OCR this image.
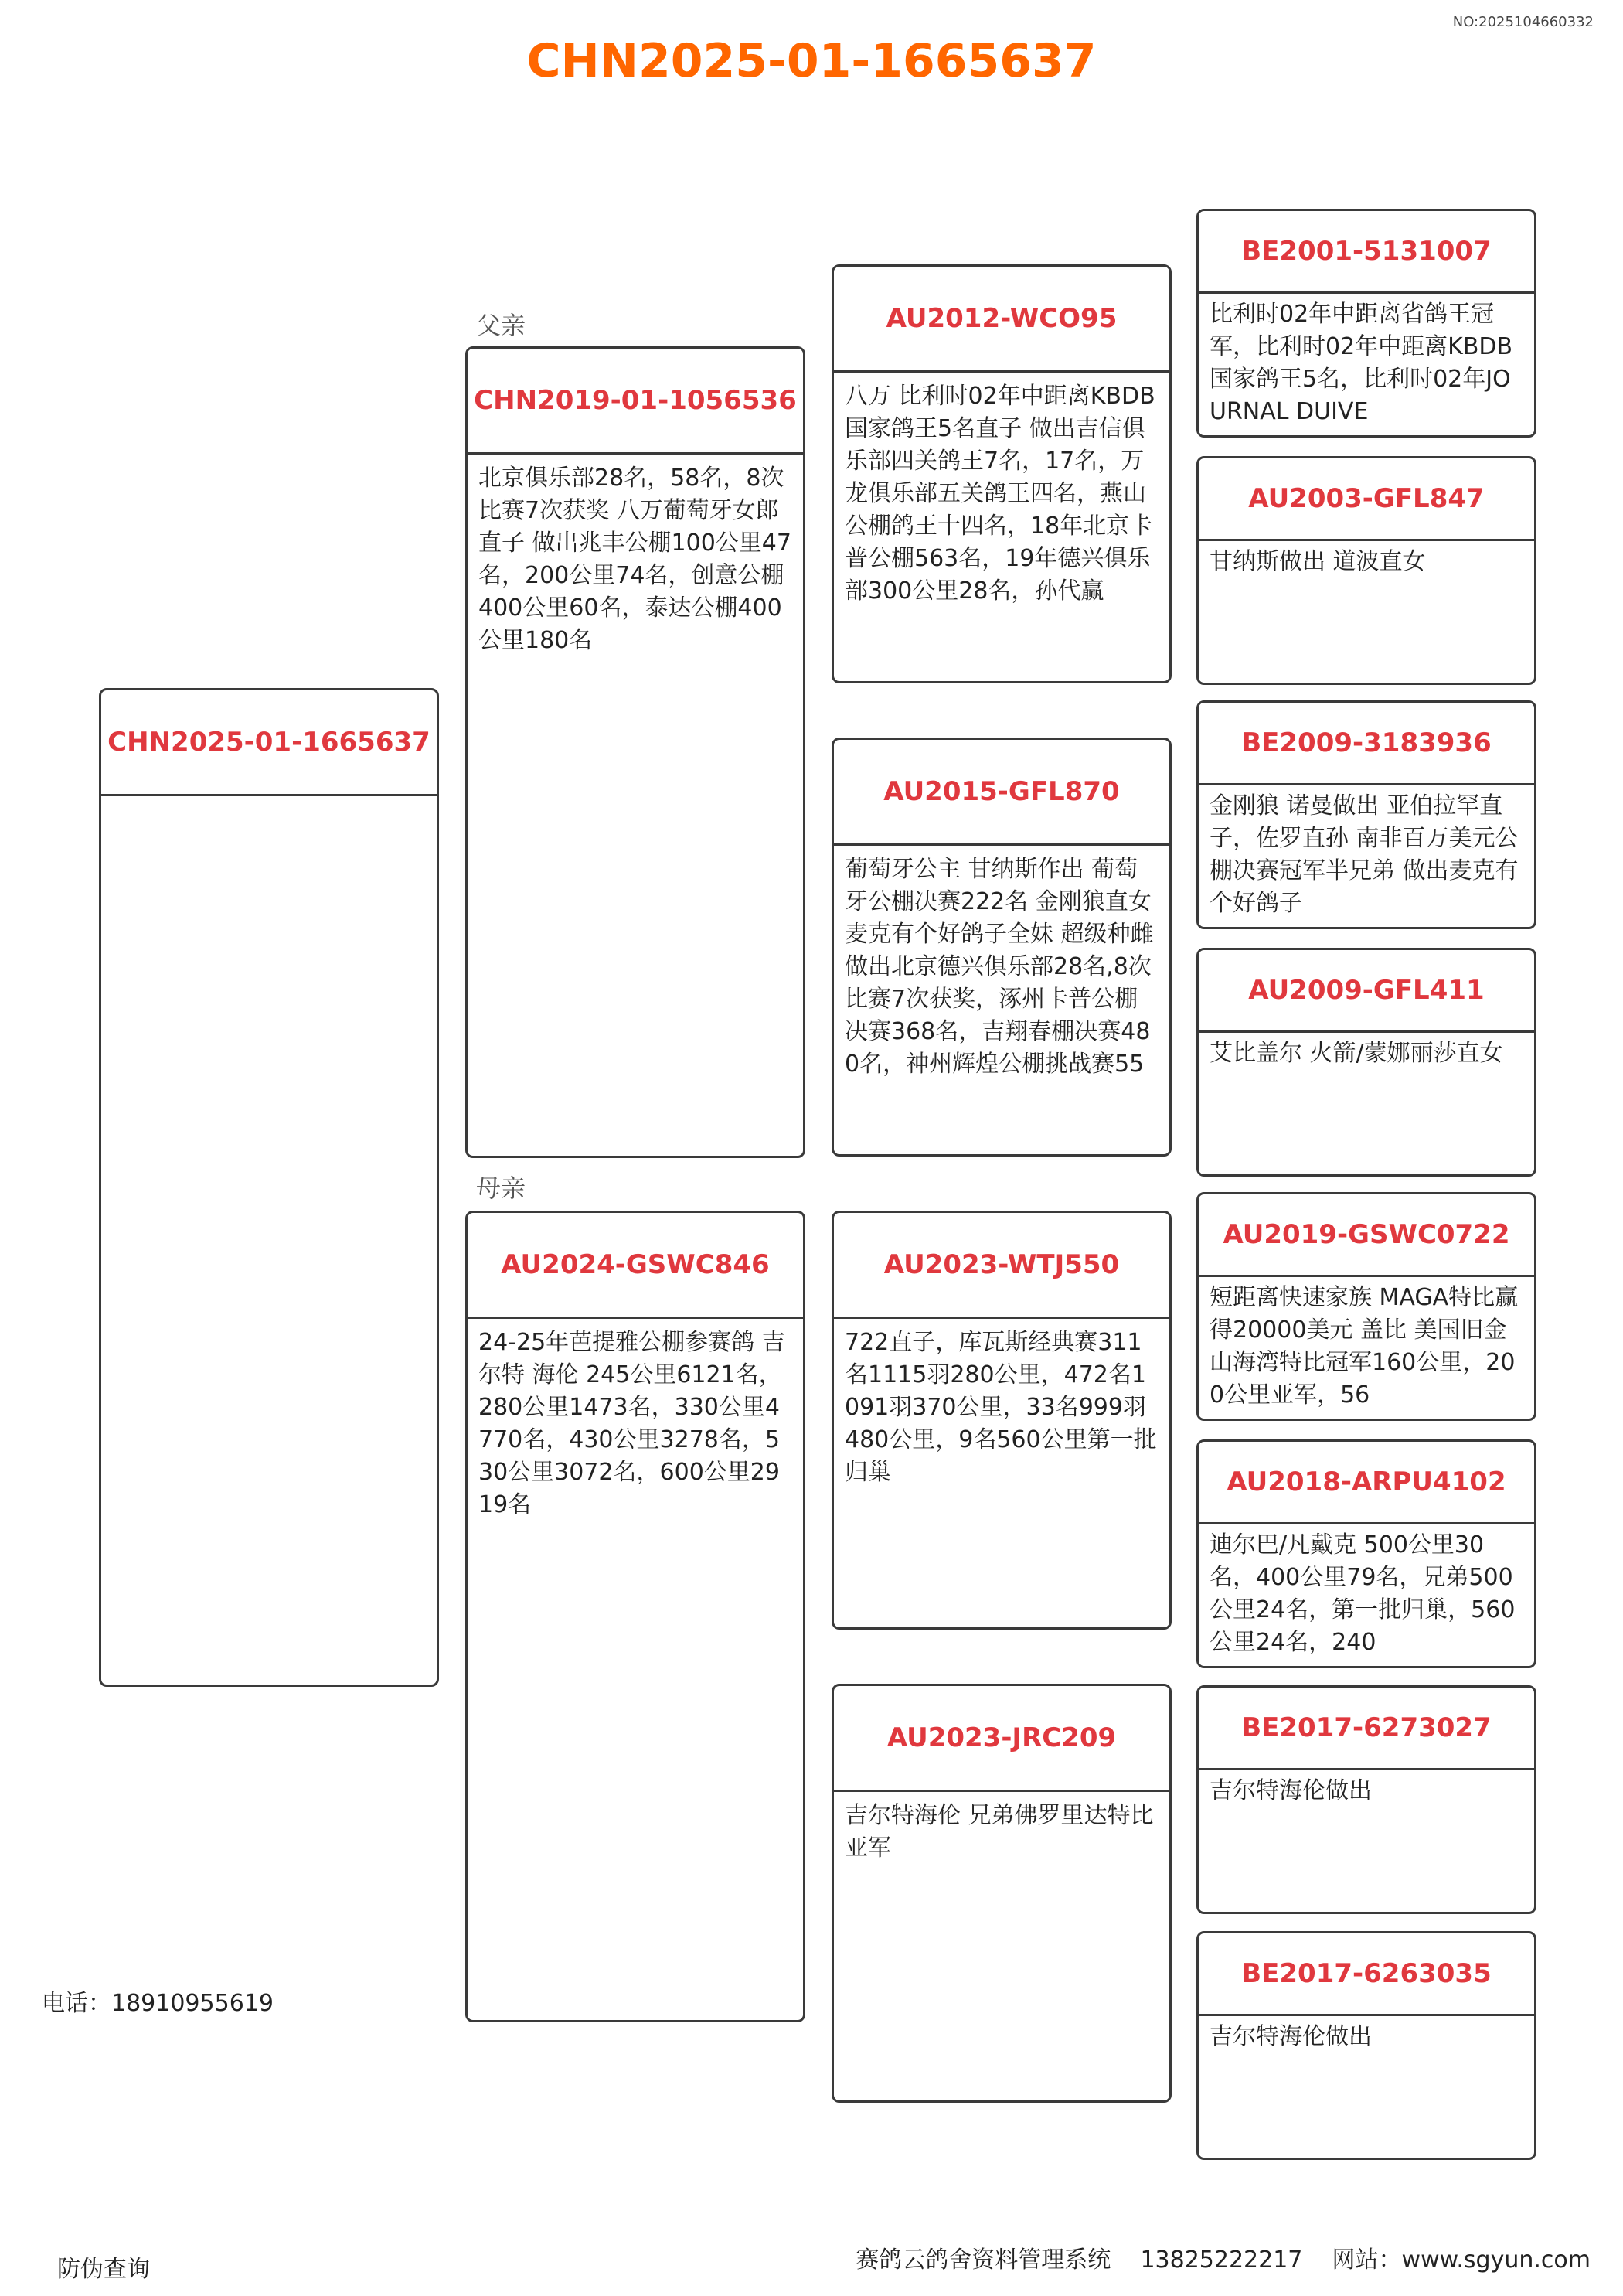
NO:2025104660332
CHN2025-01-1665637
CHN2025-01-1665637
父亲
CHN2019-01-1056536
北京俱乐部28名，58名，8次比赛7次获奖 八万葡萄牙女郎直子 做出兆丰公棚100公里47名，200公里74名，创意公棚400公里60名，泰达公棚400公里180名
母亲
AU2024-GSWC846
24-25年芭提雅公棚参赛鸽 吉尔特 海伦 245公里6121名，280公里1473名，330公里4770名，430公里3278名，530公里3072名，600公里2919名
AU2012-WCO95
八万 比利时02年中距离KBDB国家鸽王5名直子 做出吉信俱乐部四关鸽王7名，17名，万龙俱乐部五关鸽王四名，燕山公棚鸽王十四名，18年北京卡普公棚563名，19年德兴俱乐部300公里28名，孙代赢
AU2015-GFL870
葡萄牙公主 甘纳斯作出 葡萄牙公棚决赛222名 金刚狼直女 麦克有个好鸽子全妹 超级种雌 做出北京德兴俱乐部28名,8次比赛7次获奖，涿州卡普公棚决赛368名，吉翔春棚决赛480名，神州辉煌公棚挑战赛55
AU2023-WTJ550
722直子，库瓦斯经典赛311名1115羽280公里，472名1091羽370公里，33名999羽480公里，9名560公里第一批归巢
AU2023-JRC209
吉尔特海伦 兄弟佛罗里达特比亚军
BE2001-5131007
比利时02年中距离省鸽王冠军，比利时02年中距离KBDB国家鸽王5名，比利时02年JOURNAL DUIVE
AU2003-GFL847
甘纳斯做出 道波直女
BE2009-3183936
金刚狼 诺曼做出 亚伯拉罕直子，佐罗直孙 南非百万美元公棚决赛冠军半兄弟 做出麦克有个好鸽子
AU2009-GFL411
艾比盖尔 火箭/蒙娜丽莎直女
AU2019-GSWC0722
短距离快速家族 MAGA特比赢得20000美元 盖比 美国旧金山海湾特比冠军160公里，200公里亚军，56
AU2018-ARPU4102
迪尔巴/凡戴克 500公里30名，400公里79名，兄弟500公里24名，第一批归巢，560公里24名，240
BE2017-6273027
吉尔特海伦做出
BE2017-6263035
吉尔特海伦做出
电话：18910955619
防伪查询	赛鸽云鸽舍资料管理系统    13825222217    网站：www.sgyun.com
